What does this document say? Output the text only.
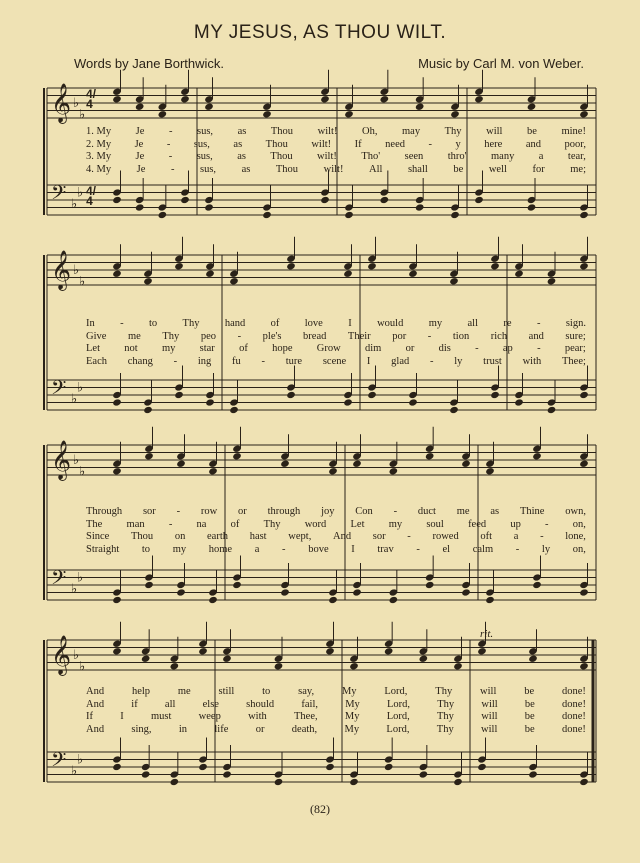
MY JESUS, AS THOU WILT.
Words by Jane Borthwick.	Music by Carl M. von Weber.
𝄞 ♭
♭
𝄢 ♭
♭
𝄞 ♭
♭
𝄢 ♭
♭
𝄞 ♭
♭
𝄢 ♭
♭
𝄞 ♭
♭
𝄢 ♭
♭
4/4
4/4
1. My Je - sus, as Thou wilt! Oh, may Thy will be mine!
2. My Je - sus, as Thou wilt! If need - y here and poor,
3. My Je - sus, as Thou wilt! Tho' seen thro' many a tear,
4. My Je - sus, as Thou wilt! All shall be well for me;
In - to Thy hand of love I would my all re - sign.
Give me Thy peo - ple's bread Their por - tion rich and sure;
Let not my star of hope Grow dim or dis - ap - pear;
Each chang - ing fu - ture scene I glad - ly trust with Thee;
Through sor - row or through joy Con - duct me as Thine own,
The man - na of Thy word Let my soul feed up - on,
Since Thou on earth hast wept, And sor - rowed oft a - lone,
Straight to my home a - bove I trav - el calm - ly on,
And	help	me	still	to	say,	My	Lord,	Thy	will	be	done!
And	if	all	else	should	fail,	My	Lord,	Thy	will	be	done!
If	I	must	weep	with	Thee,	My	Lord,	Thy	will	be	done!
And	sing,	in	life	or	death,	My	Lord,	Thy	will	be	done!
rit.
(82)
